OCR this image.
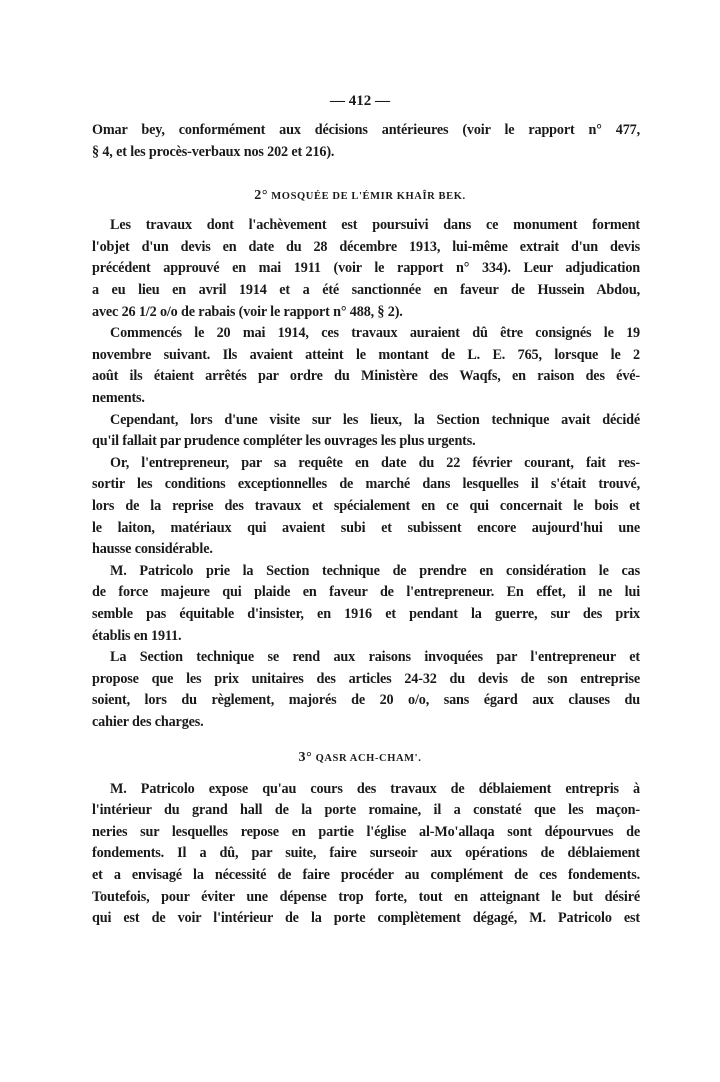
— 412 —
Omar bey, conformément aux décisions antérieures (voir le rapport n° 477,
§ 4, et les procès-verbaux nos 202 et 216).
2° MOSQUÉE DE L'ÉMIR KHAÎR BEK.
Les travaux dont l'achèvement est poursuivi dans ce monument forment
l'objet d'un devis en date du 28 décembre 1913, lui-même extrait d'un devis
précédent approuvé en mai 1911 (voir le rapport n° 334). Leur adjudication
a eu lieu en avril 1914 et a été sanctionnée en faveur de Hussein Abdou,
avec 26 1/2 o/o de rabais (voir le rapport n° 488, § 2).
Commencés le 20 mai 1914, ces travaux auraient dû être consignés le 19
novembre suivant. Ils avaient atteint le montant de L. E. 765, lorsque le 2
août ils étaient arrêtés par ordre du Ministère des Waqfs, en raison des évé-
nements.
Cependant, lors d'une visite sur les lieux, la Section technique avait décidé
qu'il fallait par prudence compléter les ouvrages les plus urgents.
Or, l'entrepreneur, par sa requête en date du 22 février courant, fait res-
sortir les conditions exceptionnelles de marché dans lesquelles il s'était trouvé,
lors de la reprise des travaux et spécialement en ce qui concernait le bois et
le laiton, matériaux qui avaient subi et subissent encore aujourd'hui une
hausse considérable.
M. Patricolo prie la Section technique de prendre en considération le cas
de force majeure qui plaide en faveur de l'entrepreneur. En effet, il ne lui
semble pas équitable d'insister, en 1916 et pendant la guerre, sur des prix
établis en 1911.
La Section technique se rend aux raisons invoquées par l'entrepreneur et
propose que les prix unitaires des articles 24-32 du devis de son entreprise
soient, lors du règlement, majorés de 20 o/o, sans égard aux clauses du
cahier des charges.
3° QASR ACH-CHAM'.
M. Patricolo expose qu'au cours des travaux de déblaiement entrepris à
l'intérieur du grand hall de la porte romaine, il a constaté que les maçon-
neries sur lesquelles repose en partie l'église al-Mo'allaqa sont dépourvues de
fondements. Il a dû, par suite, faire surseoir aux opérations de déblaiement
et a envisagé la nécessité de faire procéder au complément de ces fondements.
Toutefois, pour éviter une dépense trop forte, tout en atteignant le but désiré
qui est de voir l'intérieur de la porte complètement dégagé, M. Patricolo est
